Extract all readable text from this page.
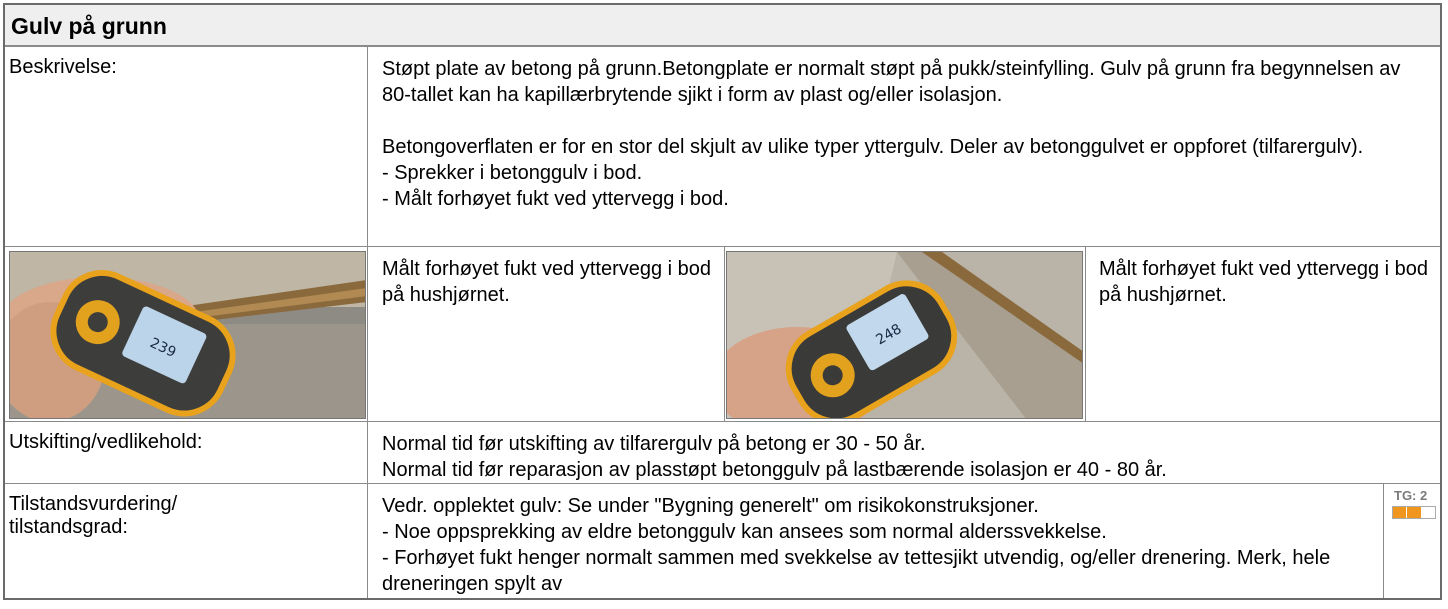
Gulv på grunn
Beskrivelse:	Støpt plate av betong på grunn.Betongplate er normalt støpt på pukk/steinfylling. Gulv på grunn fra begynnelsen av 80-tallet kan ha kapillærbrytende sjikt i form av plast og/eller isolasjon.

Betongoverflaten er for en stor del skjult av ulike typer yttergulv. Deler av betonggulvet er oppforet (tilfarergulv).

- Sprekker i betonggulv i bod.

- Målt forhøyet fukt ved yttervegg i bod.

239
Målt forhøyet fukt ved yttervegg i bod på hushjørnet.
248
Målt forhøyet fukt ved yttervegg i bod på hushjørnet.
Utskifting/vedlikehold:	Normal tid før utskifting av tilfarergulv på betong er 30 - 50 år.

Normal tid før reparasjon av plasstøpt betonggulv på lastbærende isolasjon er 40 - 80 år.

Tilstandsvurdering/
tilstandsgrad:

Vedr. opplektet gulv: Se under "Bygning generelt" om risikokonstruksjoner.

- Noe oppsprekking av eldre betonggulv kan ansees som normal alderssvekkelse.

- Forhøyet fukt henger normalt sammen med svekkelse av tettesjikt utvendig, og/eller drenering. Merk, hele dreneringen spylt av

TG: 2
